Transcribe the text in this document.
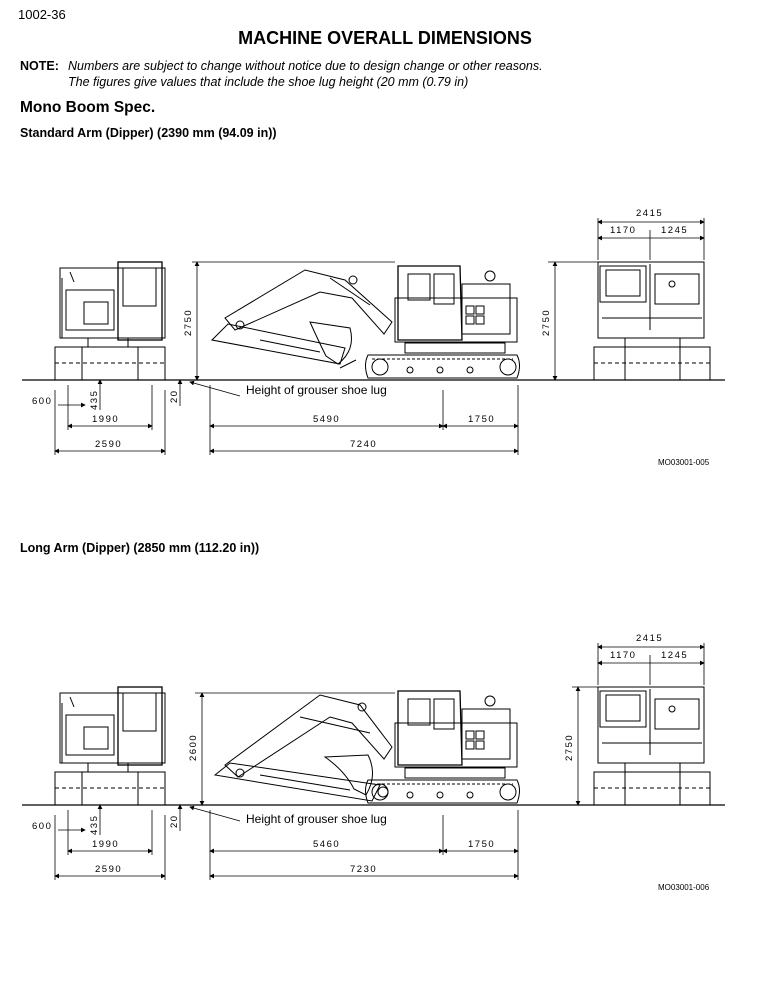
1002-36
MACHINE OVERALL DIMENSIONS
NOTE: Numbers are subject to change without notice due to design change or other reasons.
The figures give values that include the shoe lug height (20 mm (0.79 in)
Mono Boom Spec.
Standard Arm (Dipper) (2390 mm (94.09 in))
Long Arm (Dipper) (2850 mm (112.20 in))
2415
1170	1245
2750	2750
600	435	20
1990
2590
5490	1750
7240
Height of grouser shoe lug
MO03001-005
2415
1170	1245
2600	2750
600	435	20
1990
2590
5460	1750
7230
Height of grouser shoe lug
MO03001-006
